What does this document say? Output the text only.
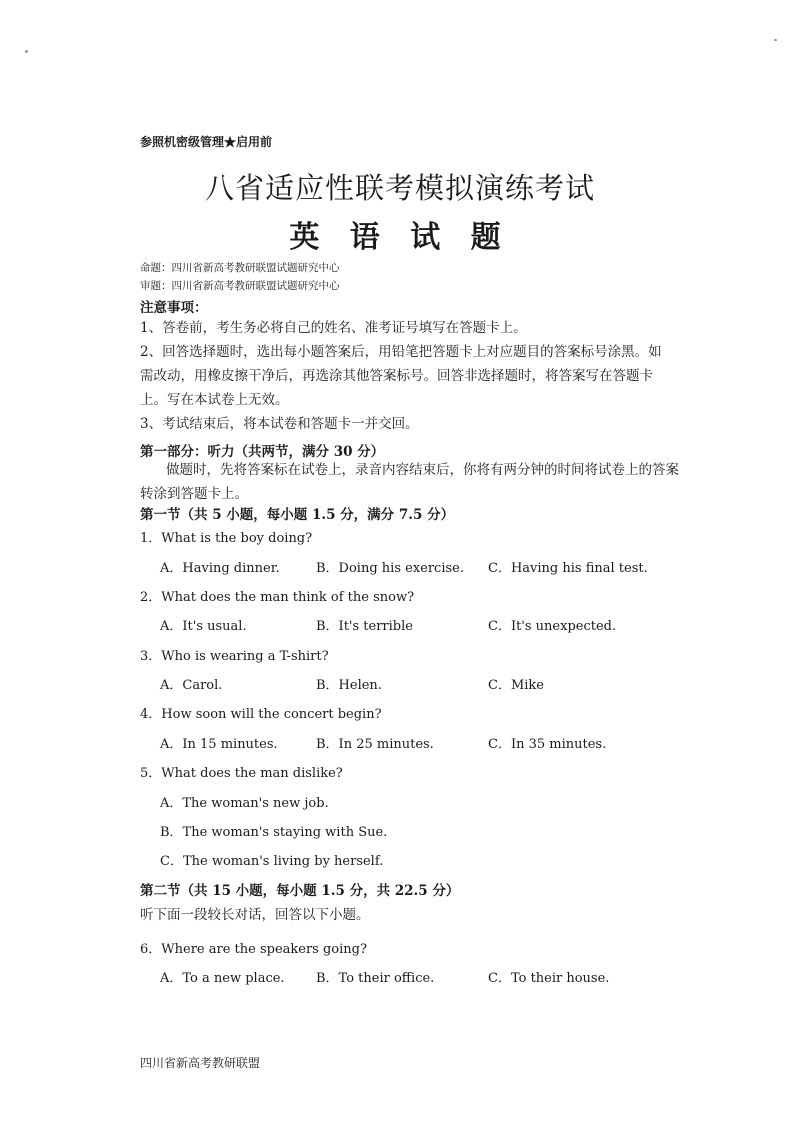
参照机密级管理★启用前
八省适应性联考模拟演练考试
英 语 试 题
命题：四川省新高考教研联盟试题研究中心
审题：四川省新高考教研联盟试题研究中心
注意事项：
1、答卷前，考生务必将自己的姓名、准考证号填写在答题卡上。
2、回答选择题时，选出每小题答案后，用铅笔把答题卡上对应题目的答案标号涂黑。如需改动，用橡皮擦干净后，再选涂其他答案标号。回答非选择题时，将答案写在答题卡上。写在本试卷上无效。
3、考试结束后，将本试卷和答题卡一并交回。
第一部分：听力（共两节，满分 30 分）
做题时，先将答案标在试卷上，录音内容结束后，你将有两分钟的时间将试卷上的答案转涂到答题卡上。
第一节（共 5 小题，每小题 1.5 分，满分 7.5 分）
1．What is the boy doing?
A．Having dinner.	B．Doing his exercise. C．Having his final test.
2．What does the man think of the snow?
A．It's usual.	B．It's terrible	C．It's unexpected.
3．Who is wearing a T-shirt?
A．Carol.	B．Helen.	C．Mike
4．How soon will the concert begin?
A．In 15 minutes.	B．In 25 minutes.	C．In 35 minutes.
5．What does the man dislike?
A．The woman's new job.
B．The woman's staying with Sue.
C．The woman's living by herself.
第二节（共 15 小题，每小题 1.5 分，共 22.5 分）
听下面一段较长对话，回答以下小题。
6．Where are the speakers going?
A．To a new place. B．To their office.	C．To their house.
四川省新高考教研联盟
